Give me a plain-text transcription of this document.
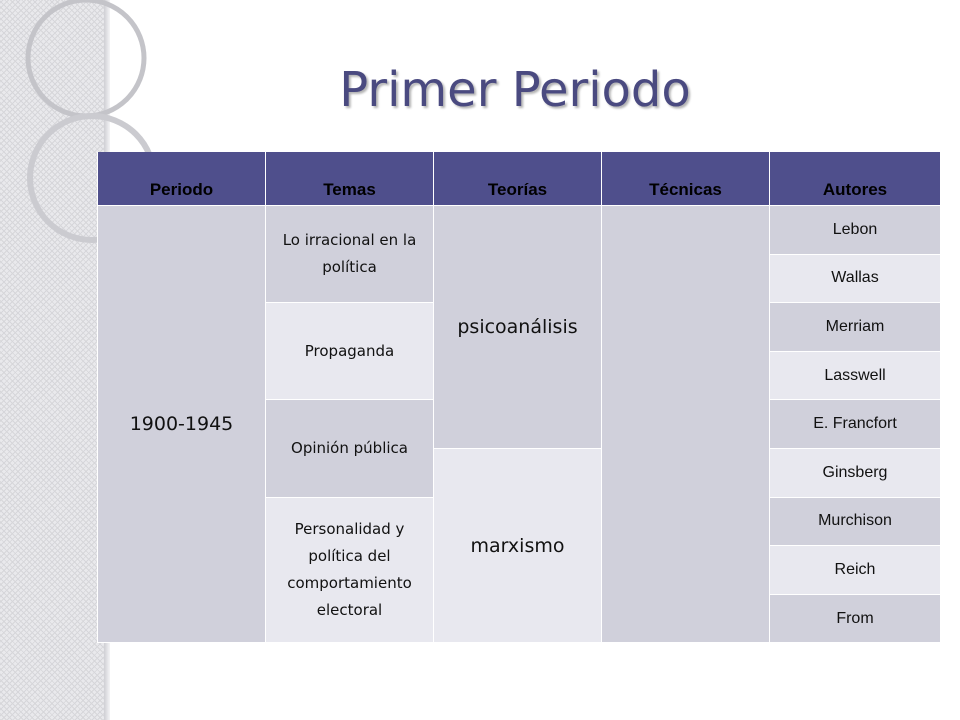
Primer Periodo
Periodo	Temas	Teorías	Técnicas	Autores
1900-1945	Lo irracional en la política	psicoanálisis		Lebon
				Wallas
	Propaganda			Merriam
				Lasswell
	Opinión pública			E. Francfort
		marxismo		Ginsberg
	Personalidad y política del comportamiento electoral			Murchison
				Reich
				From
